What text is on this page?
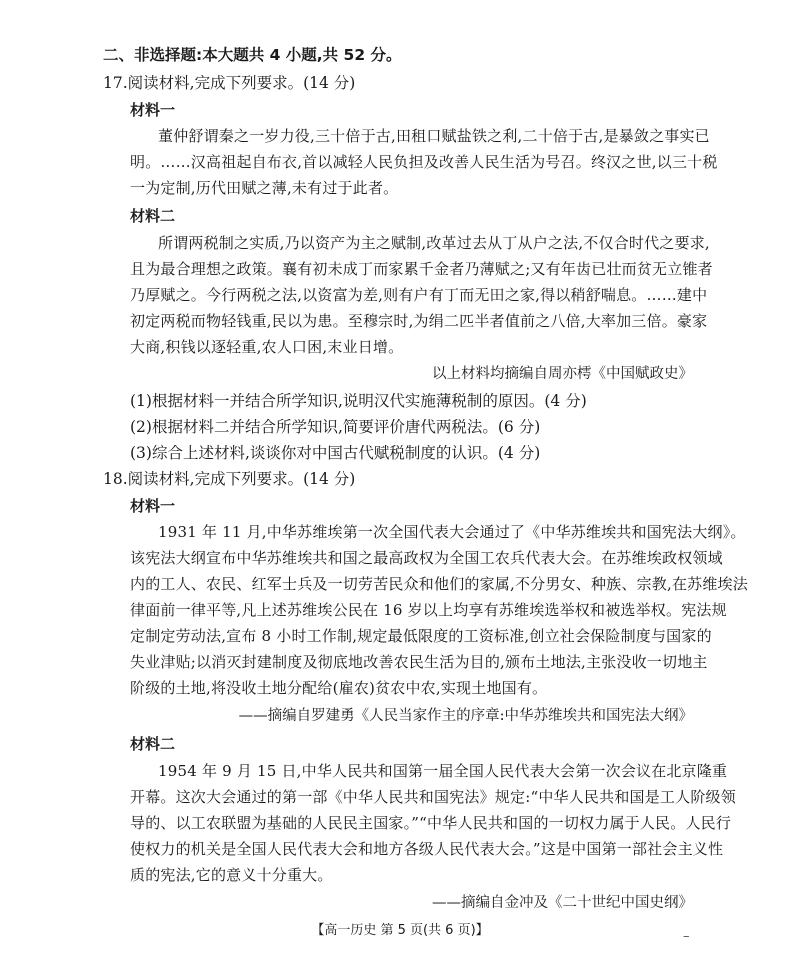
二、非选择题:本大题共 4 小题,共 52 分。
17.阅读材料,完成下列要求。(14 分)
材料一
董仲舒谓秦之一岁力役,三十倍于古,田租口赋盐铁之利,二十倍于古,是暴敛之事实已
明。……汉高祖起自布衣,首以减轻人民负担及改善人民生活为号召。终汉之世,以三十税
一为定制,历代田赋之薄,未有过于此者。
材料二
所谓两税制之实质,乃以资产为主之赋制,改革过去从丁从户之法,不仅合时代之要求,
且为最合理想之政策。襄有初未成丁而家累千金者乃薄赋之;又有年齿已壮而贫无立锥者
乃厚赋之。今行两税之法,以资富为差,则有户有丁而无田之家,得以稍舒喘息。……建中
初定两税而物轻钱重,民以为患。至穆宗时,为绢二匹半者值前之八倍,大率加三倍。豪家
大商,积钱以逐轻重,农人口困,末业日增。
以上材料均摘编自周亦樗《中国赋政史》
(1)根据材料一并结合所学知识,说明汉代实施薄税制的原因。(4 分)
(2)根据材料二并结合所学知识,简要评价唐代两税法。(6 分)
(3)综合上述材料,谈谈你对中国古代赋税制度的认识。(4 分)
18.阅读材料,完成下列要求。(14 分)
材料一
1931 年 11 月,中华苏维埃第一次全国代表大会通过了《中华苏维埃共和国宪法大纲》。
该宪法大纲宣布中华苏维埃共和国之最高政权为全国工农兵代表大会。在苏维埃政权领域
内的工人、农民、红军士兵及一切劳苦民众和他们的家属,不分男女、种族、宗教,在苏维埃法
律面前一律平等,凡上述苏维埃公民在 16 岁以上均享有苏维埃选举权和被选举权。宪法规
定制定劳动法,宣布 8 小时工作制,规定最低限度的工资标准,创立社会保险制度与国家的
失业津贴;以消灭封建制度及彻底地改善农民生活为目的,颁布土地法,主张没收一切地主
阶级的土地,将没收土地分配给(雇农)贫农中农,实现土地国有。
——摘编自罗建勇《人民当家作主的序章:中华苏维埃共和国宪法大纲》
材料二
1954 年 9 月 15 日,中华人民共和国第一届全国人民代表大会第一次会议在北京隆重
开幕。这次大会通过的第一部《中华人民共和国宪法》规定:“中华人民共和国是工人阶级领
导的、以工农联盟为基础的人民民主国家。”“中华人民共和国的一切权力属于人民。人民行
使权力的机关是全国人民代表大会和地方各级人民代表大会。”这是中国第一部社会主义性
质的宪法,它的意义十分重大。
——摘编自金冲及《二十世纪中国史纲》
【高一历史 第 5 页(共 6 页)】	–
